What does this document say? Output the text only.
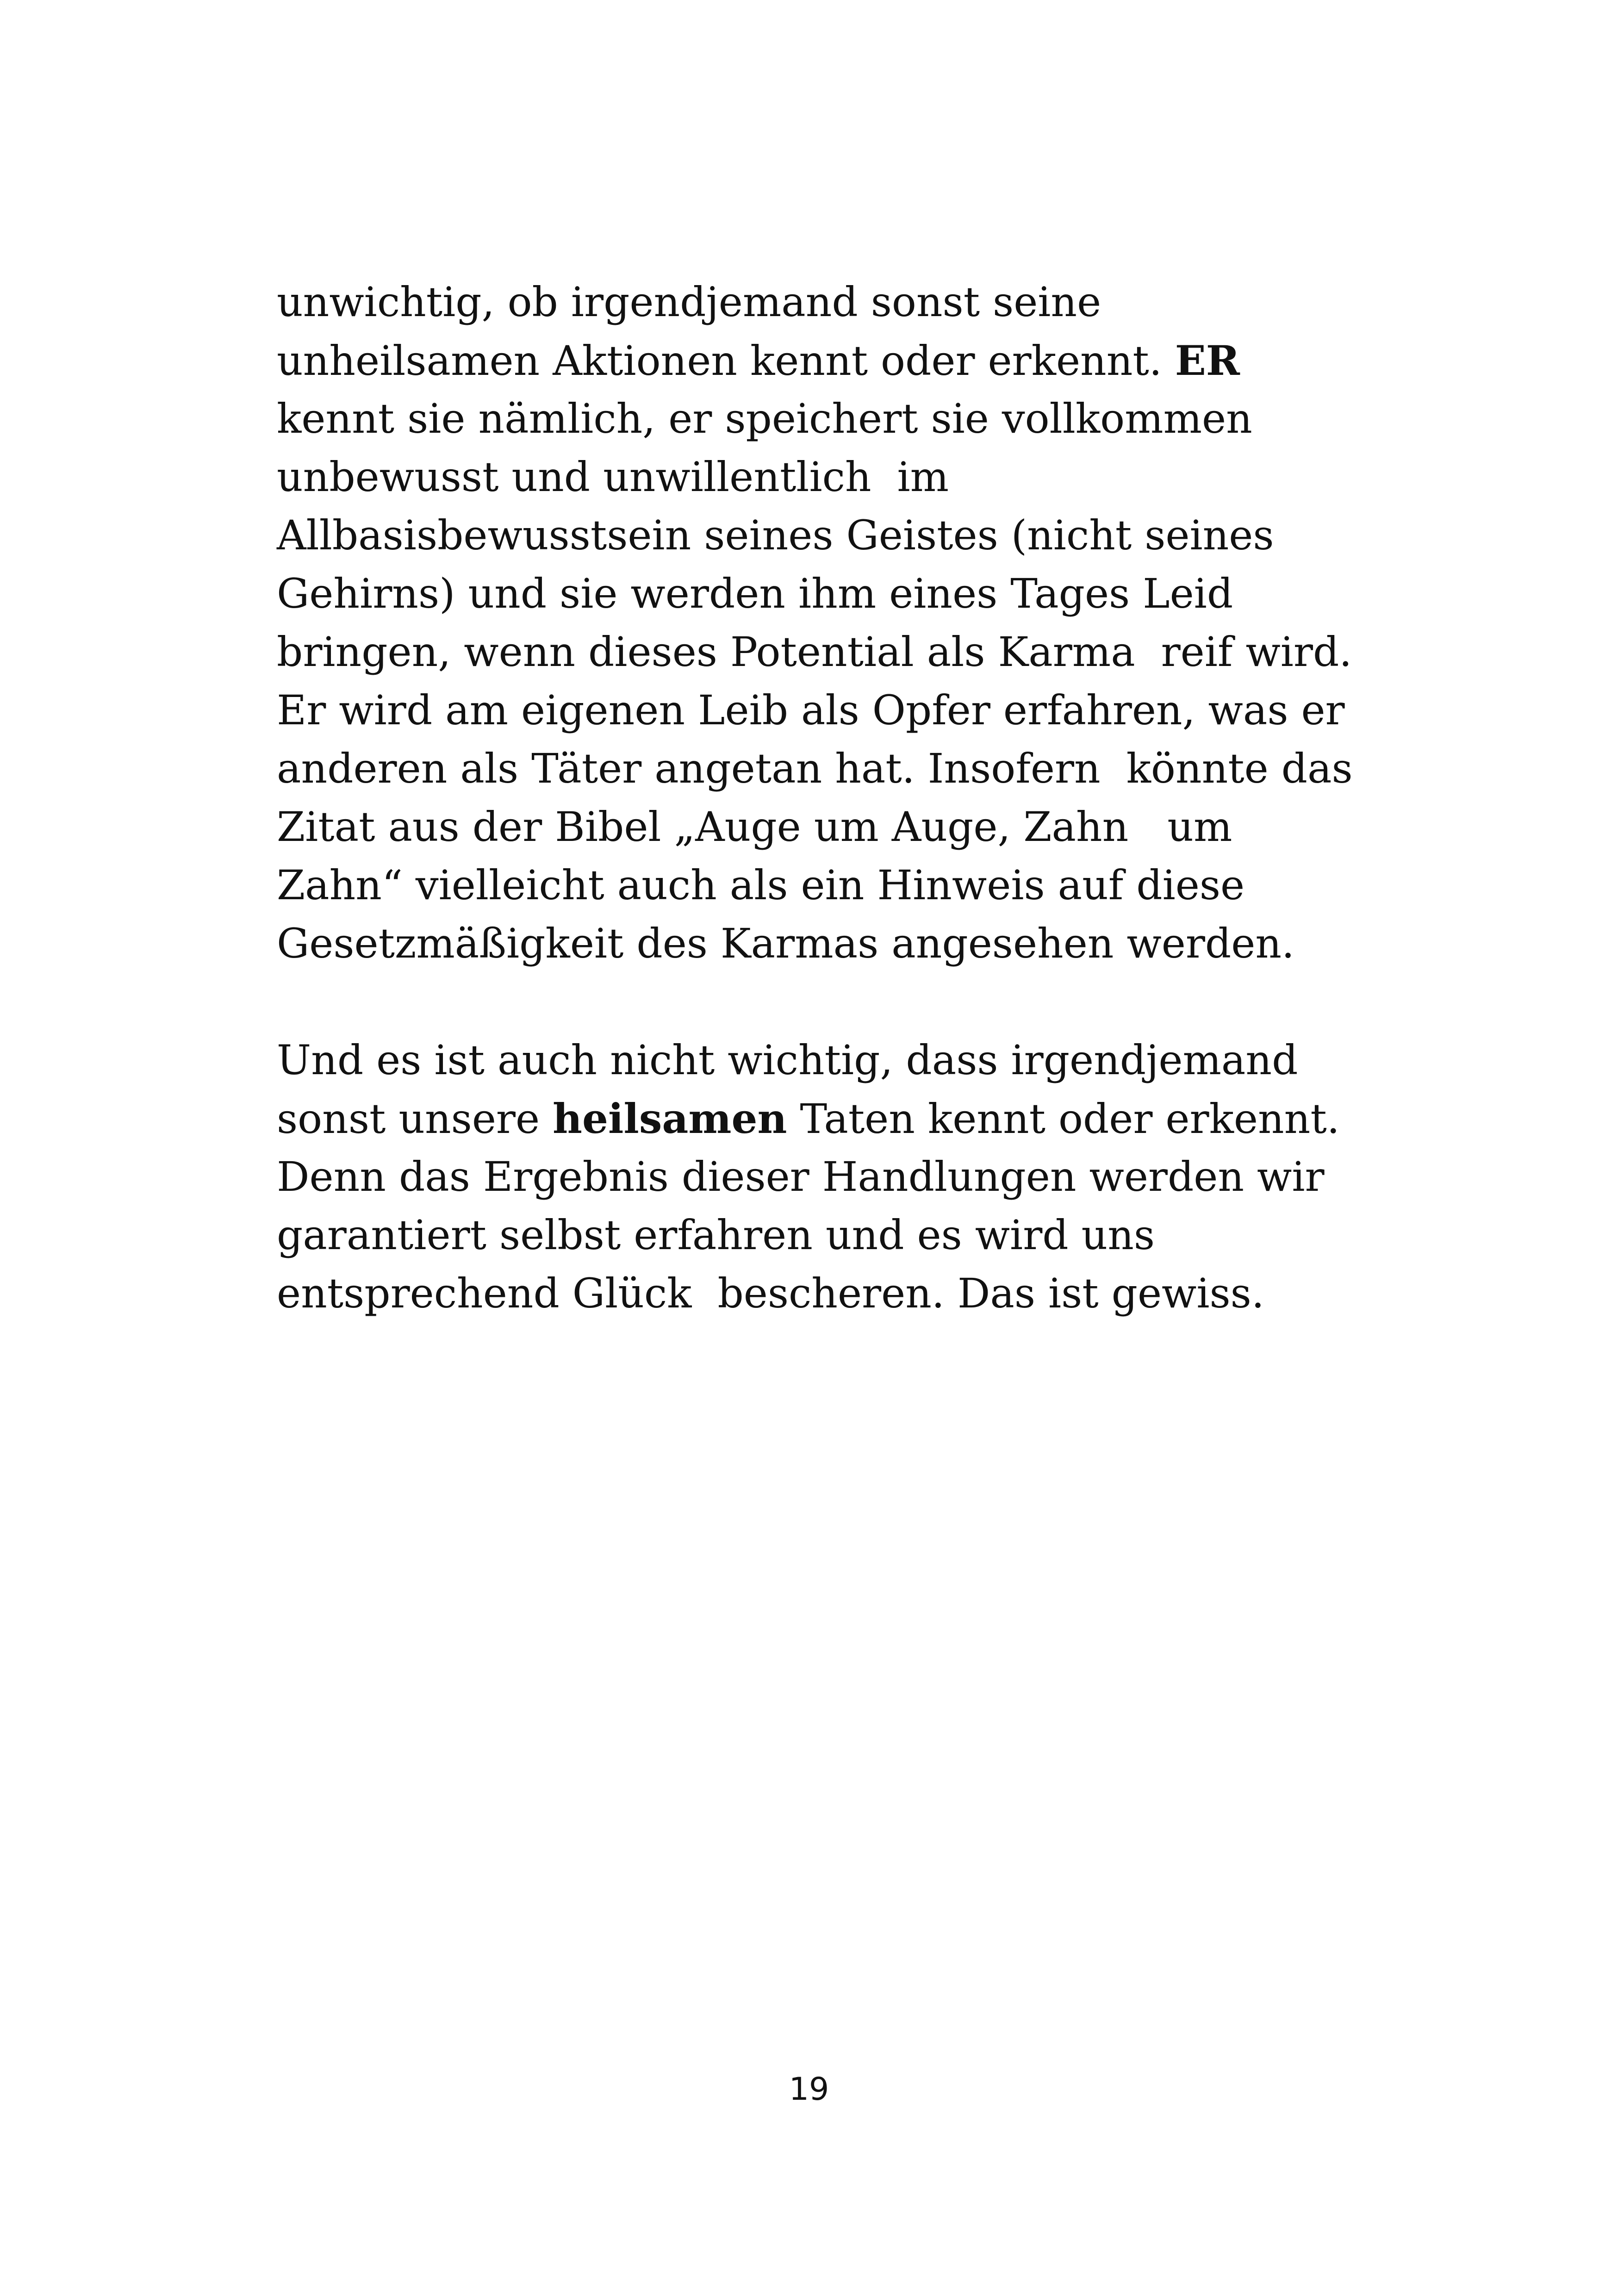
unwichtig, ob irgendjemand sonst seine
unheilsamen Aktionen kennt oder erkennt. ER
kennt sie nämlich, er speichert sie vollkommen
unbewusst und unwillentlich  im
Allbasisbewusstsein seines Geistes (nicht seines
Gehirns) und sie werden ihm eines Tages Leid
bringen, wenn dieses Potential als Karma  reif wird.
Er wird am eigenen Leib als Opfer erfahren, was er
anderen als Täter angetan hat. Insofern  könnte das
Zitat aus der Bibel „Auge um Auge, Zahn   um
Zahn“ vielleicht auch als ein Hinweis auf diese
Gesetzmäßigkeit des Karmas angesehen werden.
Und es ist auch nicht wichtig, dass irgendjemand
sonst unsere heilsamen Taten kennt oder erkennt.
Denn das Ergebnis dieser Handlungen werden wir
garantiert selbst erfahren und es wird uns
entsprechend Glück  bescheren. Das ist gewiss.
19
